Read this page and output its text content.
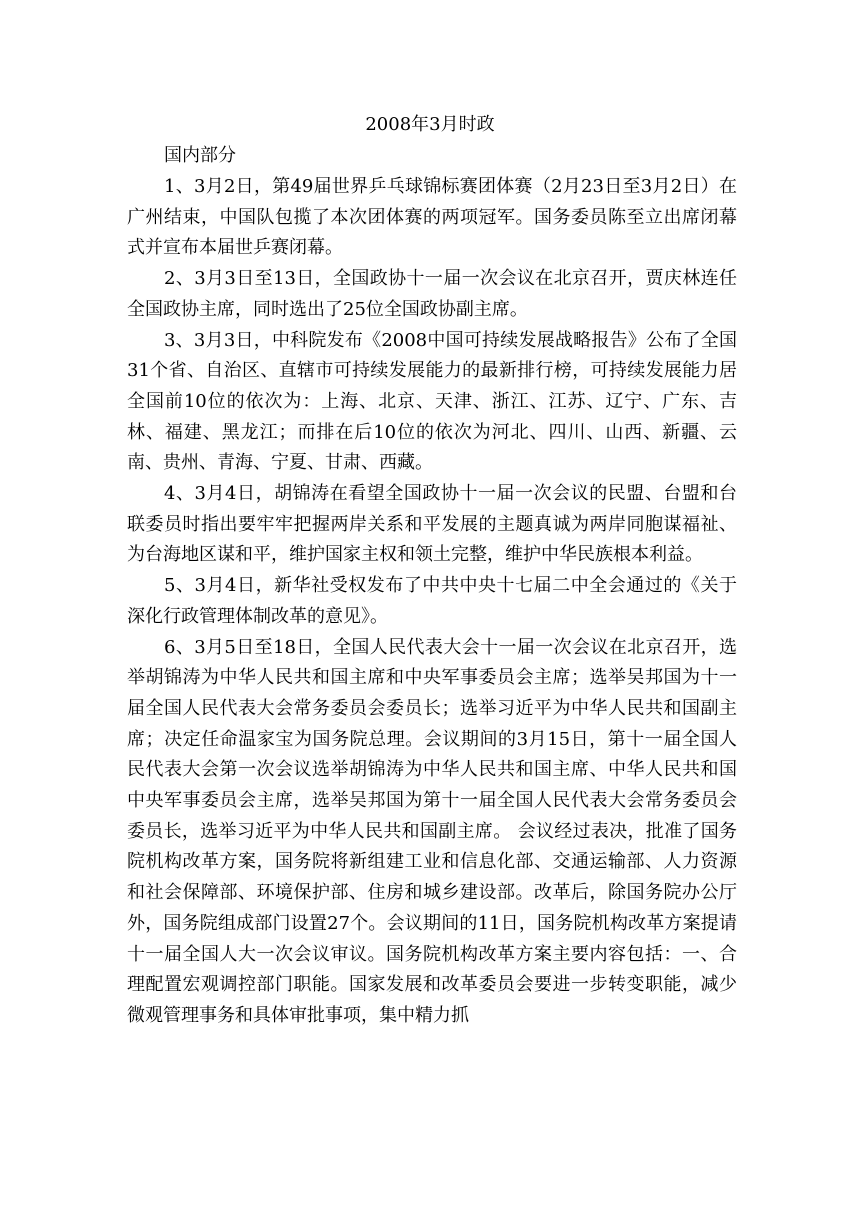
2008年3月时政
国内部分

1、3月2日，第49届世界乒乓球锦标赛团体赛（2月23日至3月2日）在广州结束，中国队包揽了本次团体赛的两项冠军。国务委员陈至立出席闭幕式并宣布本届世乒赛闭幕。

2、3月3日至13日，全国政协十一届一次会议在北京召开，贾庆林连任全国政协主席，同时选出了25位全国政协副主席。

3、3月3日，中科院发布《2008中国可持续发展战略报告》公布了全国31个省、自治区、直辖市可持续发展能力的最新排行榜，可持续发展能力居全国前10位的依次为：上海、北京、天津、浙江、江苏、辽宁、广东、吉林、福建、黑龙江；而排在后10位的依次为河北、四川、山西、新疆、云南、贵州、青海、宁夏、甘肃、西藏。

4、3月4日，胡锦涛在看望全国政协十一届一次会议的民盟、台盟和台联委员时指出要牢牢把握两岸关系和平发展的主题真诚为两岸同胞谋福祉、为台海地区谋和平，维护国家主权和领土完整，维护中华民族根本利益。

5、3月4日，新华社受权发布了中共中央十七届二中全会通过的《关于深化行政管理体制改革的意见》。

6、3月5日至18日，全国人民代表大会十一届一次会议在北京召开，选举胡锦涛为中华人民共和国主席和中央军事委员会主席；选举吴邦国为十一届全国人民代表大会常务委员会委员长；选举习近平为中华人民共和国副主席；决定任命温家宝为国务院总理。会议期间的3月15日，第十一届全国人民代表大会第一次会议选举胡锦涛为中华人民共和国主席、中华人民共和国中央军事委员会主席，选举吴邦国为第十一届全国人民代表大会常务委员会委员长，选举习近平为中华人民共和国副主席。 会议经过表决，批准了国务院机构改革方案，国务院将新组建工业和信息化部、交通运输部、人力资源和社会保障部、环境保护部、住房和城乡建设部。改革后，除国务院办公厅外，国务院组成部门设置27个。会议期间的11日，国务院机构改革方案提请十一届全国人大一次会议审议。国务院机构改革方案主要内容包括：一、合理配置宏观调控部门职能。国家发展和改革委员会要进一步转变职能，减少微观管理事务和具体审批事项，集中精力抓
